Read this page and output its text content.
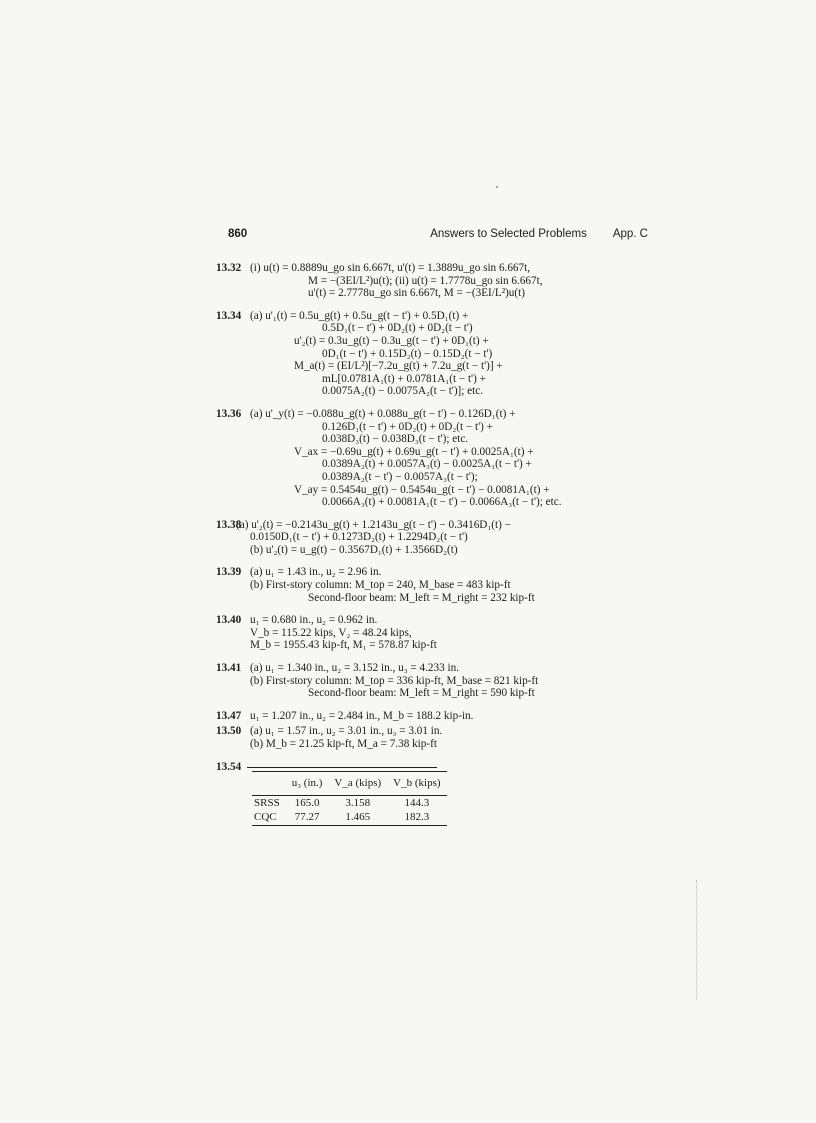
860	Answers to Selected Problems App. C
13.32 (i) u(t) = 0.8889u_go sin 6.667t, u'(t) = 1.3889u_go sin 6.667t,
M = −(3EI/L²)u(t); (ii) u(t) = 1.7778u_go sin 6.667t,
u'(t) = 2.7778u_go sin 6.667t, M = −(3EI/L²)u(t)
13.34 (a) u'₁(t) = 0.5u_g(t) + 0.5u_g(t − t') + 0.5D₁(t) +
0.5D₁(t − t') + 0D₂(t) + 0D₂(t − t')
u'₂(t) = 0.3u_g(t) − 0.3u_g(t − t') + 0D₁(t) +
0D₁(t − t') + 0.15D₂(t) − 0.15D₂(t − t')
M_a(t) = (EI/L²)[−7.2u_g(t) + 7.2u_g(t − t')] +
mL[0.0781A₁(t) + 0.0781A₁(t − t') +
0.0075A₂(t) − 0.0075A₂(t − t')]; etc.
13.36 (a) u'_y(t) = −0.088u_g(t) + 0.088u_g(t − t') − 0.126D₁(t) +
0.126D₁(t − t') + 0D₂(t) + 0D₂(t − t') +
0.038D₃(t) − 0.038D₃(t − t'); etc.
V_ax = −0.69u_g(t) + 0.69u_g(t − t') + 0.0025A₁(t) +
0.0389A₂(t) + 0.0057A₃(t) − 0.0025A₁(t − t') +
0.0389A₂(t − t') − 0.0057A₃(t − t');
V_ay = 0.5454u_g(t) − 0.5454u_g(t − t') − 0.0081A₁(t) +
0.0066A₃(t) + 0.0081A₁(t − t') − 0.0066A₃(t − t'); etc.
13.38
(a) u'₂(t) = −0.2143u_g(t) + 1.2143u_g(t − t') − 0.3416D₁(t) −
0.0150D₁(t − t') + 0.1273D₂(t) + 1.2294D₂(t − t')
(b) u'₂(t) = u_g(t) − 0.3567D₁(t) + 1.3566D₂(t)
13.39 (a) u₁ = 1.43 in., u₂ = 2.96 in.
(b) First-story column: M_top = 240, M_base = 483 kip-ft
Second-floor beam: M_left = M_right = 232 kip-ft
13.40 u₁ = 0.680 in., u₂ = 0.962 in.
V_b = 115.22 kips, V₂ = 48.24 kips,
M_b = 1955.43 kip-ft, M₁ = 578.87 kip-ft
13.41 (a) u₁ = 1.340 in., u₂ = 3.152 in., u₃ = 4.233 in.
(b) First-story column: M_top = 336 kip-ft, M_base = 821 kip-ft
Second-floor beam: M_left = M_right = 590 kip-ft
13.47 u₁ = 1.207 in., u₂ = 2.484 in., M_b = 188.2 kip-in.
13.50 (a) u₁ = 1.57 in., u₂ = 3.01 in., u₃ = 3.01 in.
(b) M_b = 21.25 kip-ft, M_a = 7.38 kip-ft
13.54
	u₃ (in.)	V_a (kips)	V_b (kips)
SRSS	165.0	3.158	144.3
CQC	77.27	1.465	182.3
